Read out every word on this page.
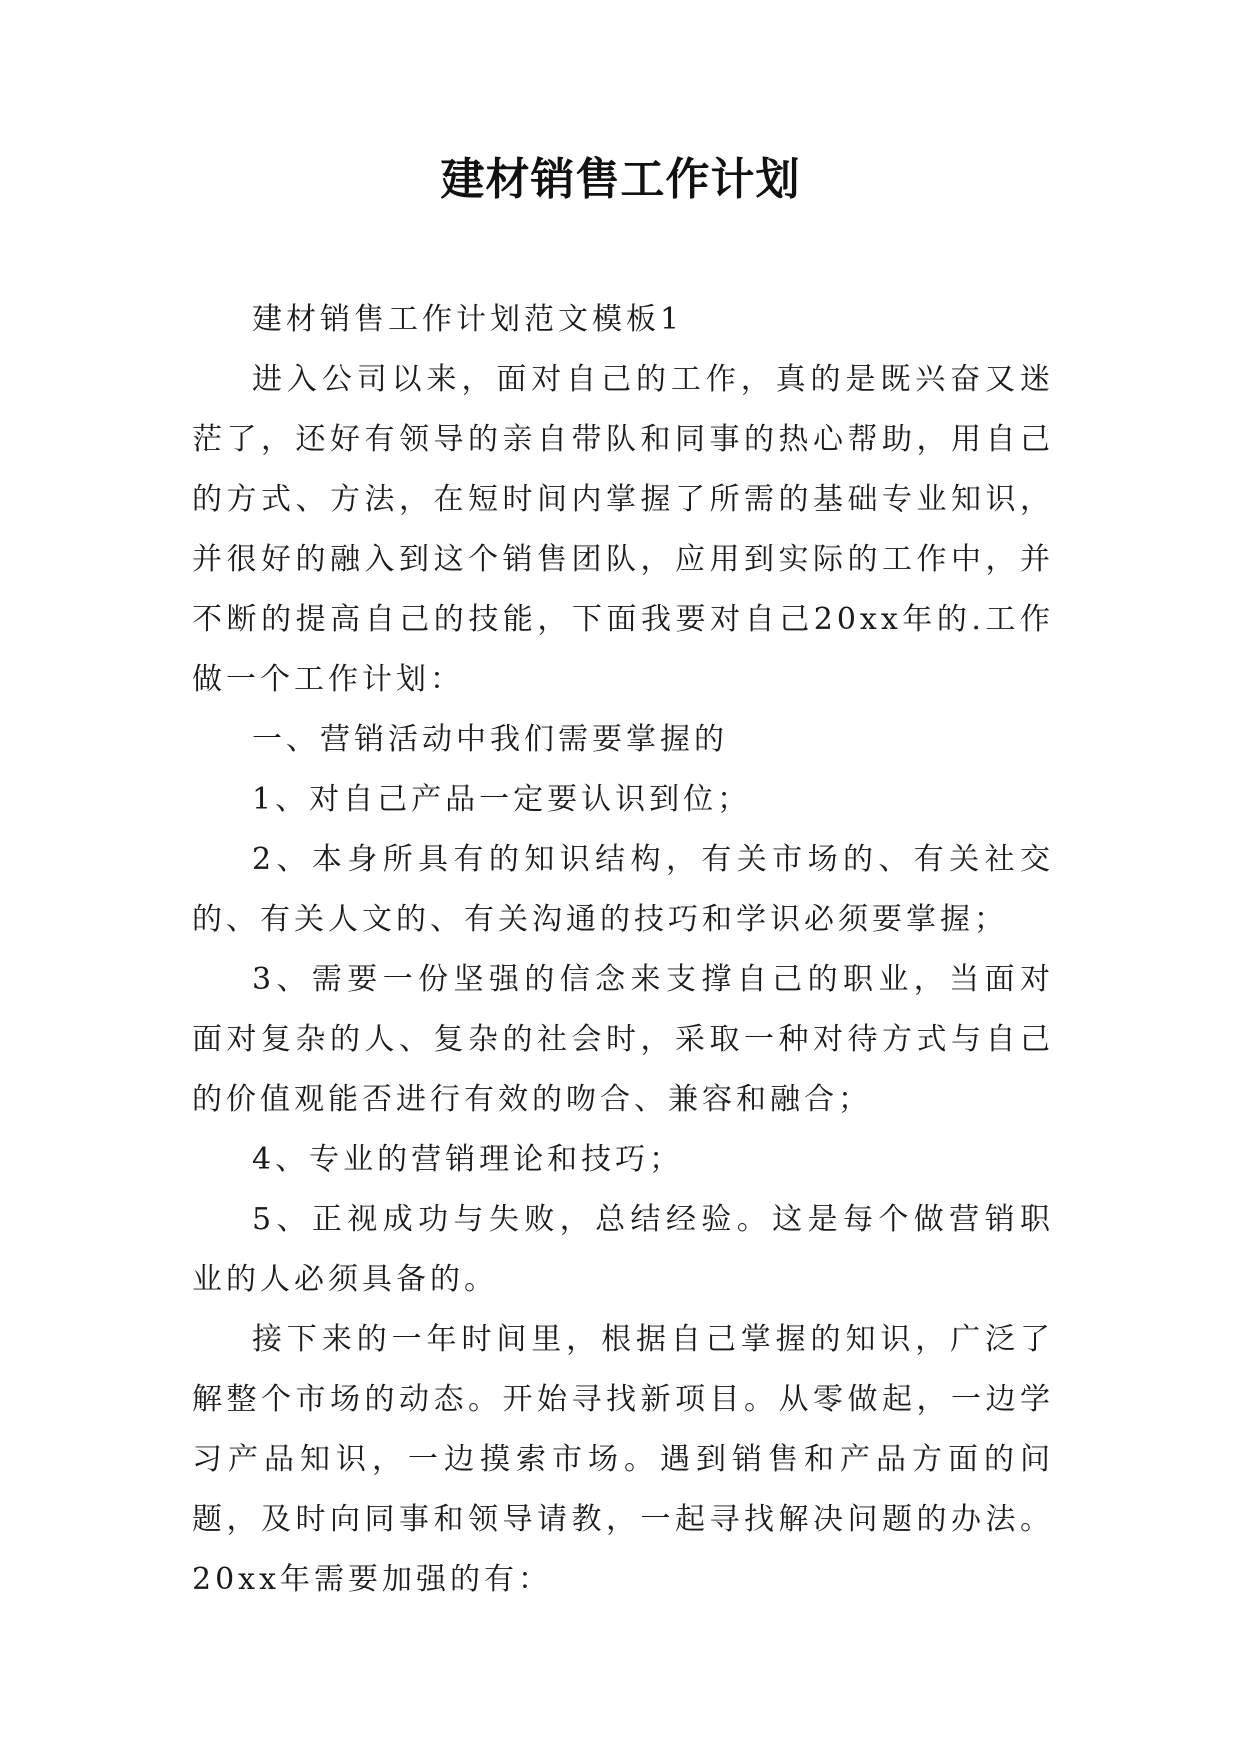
建材销售工作计划

建材销售工作计划范文模板1

进入公司以来，面对自己的工作，真的是既兴奋又迷茫了，还好有领导的亲自带队和同事的热心帮助，用自己的方式、方法，在短时间内掌握了所需的基础专业知识，并很好的融入到这个销售团队，应用到实际的工作中，并不断的提高自己的技能，下面我要对自己20xx年的.工作做一个工作计划：

一、营销活动中我们需要掌握的

1、对自己产品一定要认识到位；

2、本身所具有的知识结构，有关市场的、有关社交的、有关人文的、有关沟通的技巧和学识必须要掌握；

3、需要一份坚强的信念来支撑自己的职业，当面对面对复杂的人、复杂的社会时，采取一种对待方式与自己的价值观能否进行有效的吻合、兼容和融合；

4、专业的营销理论和技巧；

5、正视成功与失败，总结经验。这是每个做营销职业的人必须具备的。

接下来的一年时间里，根据自己掌握的知识，广泛了解整个市场的动态。开始寻找新项目。从零做起，一边学习产品知识，一边摸索市场。遇到销售和产品方面的问题，及时向同事和领导请教，一起寻找解决问题的办法。20xx年需要加强的有：
